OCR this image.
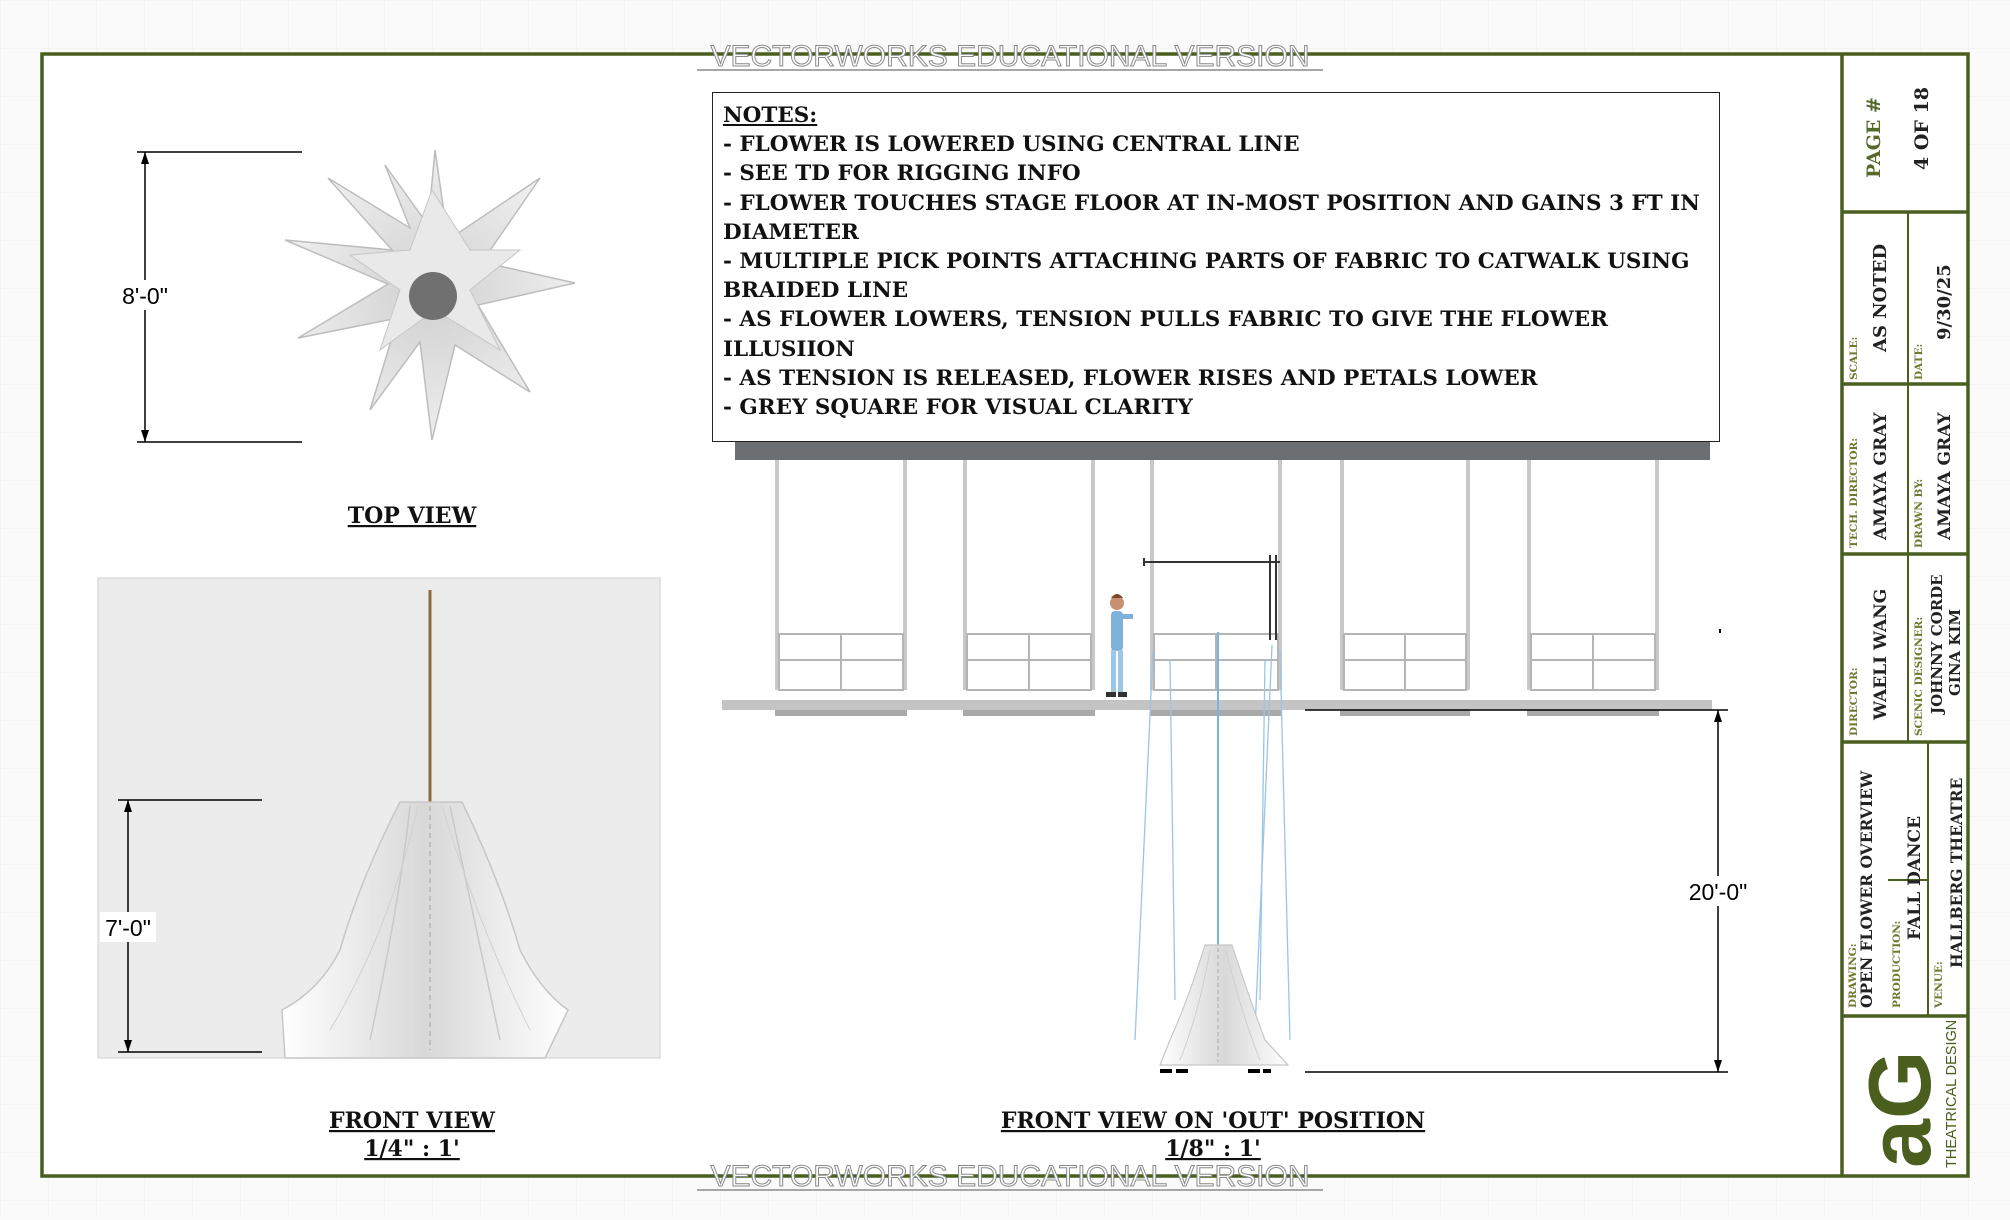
VECTORWORKS EDUCATIONAL VERSION
VECTORWORKS EDUCATIONAL VERSION
8'-0"
TOP VIEW
7'-0"
FRONT VIEW
1/4" : 1'
20'-0"
FRONT VIEW ON 'OUT' POSITION
1/8" : 1'
PAGE # 4 OF 18
SCALE:
AS NOTED
DATE:
9/30/25
TECH. DIRECTOR: AMAYA GRAY DRAWN BY: AMAYA GRAY
DIRECTOR: WAELI WANG SCENIC DESIGNER: JOHNNY CORDE GINA KIM
DRAWING:
OPEN FLOWER OVERVIEW PRODUCTION:
FALL DANCE
VENUE:
HALLBERG THEATRE
aG
THEATRICAL DESIGN
NOTES:
- FLOWER IS LOWERED USING CENTRAL LINE
- SEE TD FOR RIGGING INFO
- FLOWER TOUCHES STAGE FLOOR AT IN-MOST POSITION AND GAINS 3 FT IN DIAMETER
- MULTIPLE PICK POINTS ATTACHING PARTS OF FABRIC TO CATWALK USING BRAIDED LINE
- AS FLOWER LOWERS, TENSION PULLS FABRIC TO GIVE THE FLOWER ILLUSIION
- AS TENSION IS RELEASED, FLOWER RISES AND PETALS LOWER
- GREY SQUARE FOR VISUAL CLARITY
